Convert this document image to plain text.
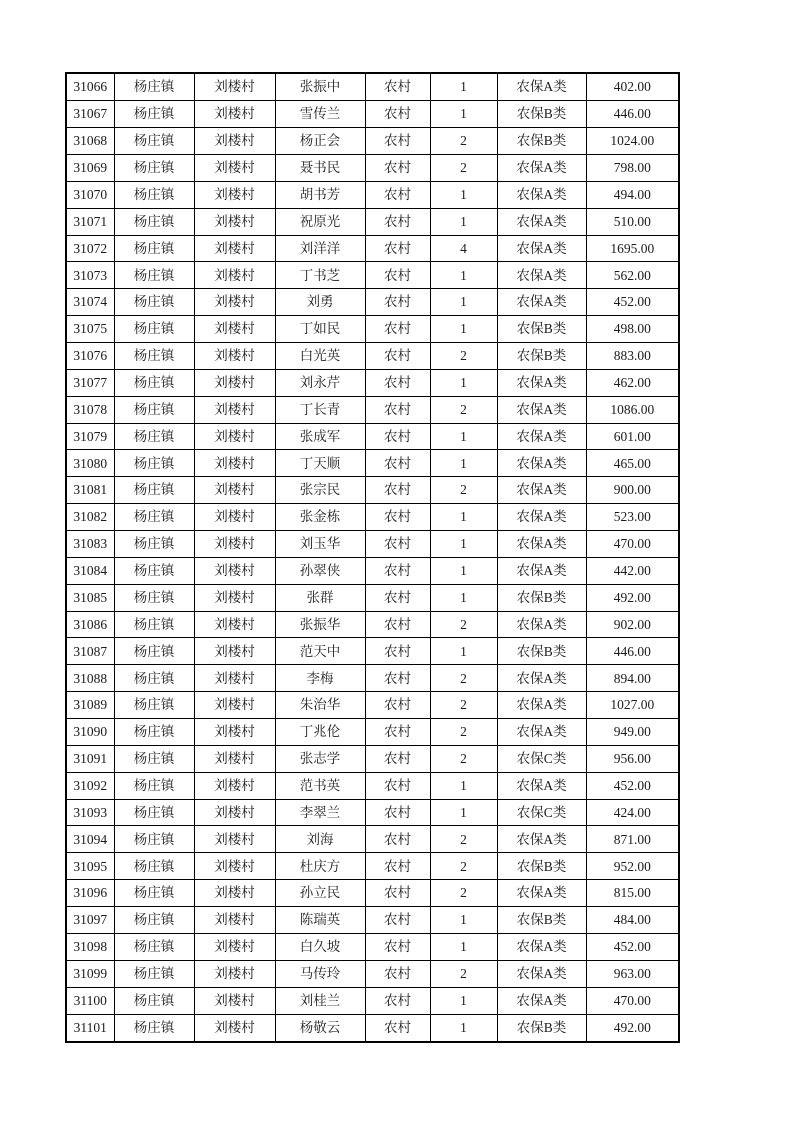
31066	杨庄镇	刘楼村	张振中	农村	1	农保A类	402.00
31067	杨庄镇	刘楼村	雪传兰	农村	1	农保B类	446.00
31068	杨庄镇	刘楼村	杨正会	农村	2	农保B类	1024.00
31069	杨庄镇	刘楼村	聂书民	农村	2	农保A类	798.00
31070	杨庄镇	刘楼村	胡书芳	农村	1	农保A类	494.00
31071	杨庄镇	刘楼村	祝原光	农村	1	农保A类	510.00
31072	杨庄镇	刘楼村	刘洋洋	农村	4	农保A类	1695.00
31073	杨庄镇	刘楼村	丁书芝	农村	1	农保A类	562.00
31074	杨庄镇	刘楼村	刘勇	农村	1	农保A类	452.00
31075	杨庄镇	刘楼村	丁如民	农村	1	农保B类	498.00
31076	杨庄镇	刘楼村	白光英	农村	2	农保B类	883.00
31077	杨庄镇	刘楼村	刘永芹	农村	1	农保A类	462.00
31078	杨庄镇	刘楼村	丁长青	农村	2	农保A类	1086.00
31079	杨庄镇	刘楼村	张成军	农村	1	农保A类	601.00
31080	杨庄镇	刘楼村	丁天顺	农村	1	农保A类	465.00
31081	杨庄镇	刘楼村	张宗民	农村	2	农保A类	900.00
31082	杨庄镇	刘楼村	张金栋	农村	1	农保A类	523.00
31083	杨庄镇	刘楼村	刘玉华	农村	1	农保A类	470.00
31084	杨庄镇	刘楼村	孙翠侠	农村	1	农保A类	442.00
31085	杨庄镇	刘楼村	张群	农村	1	农保B类	492.00
31086	杨庄镇	刘楼村	张振华	农村	2	农保A类	902.00
31087	杨庄镇	刘楼村	范天中	农村	1	农保B类	446.00
31088	杨庄镇	刘楼村	李梅	农村	2	农保A类	894.00
31089	杨庄镇	刘楼村	朱治华	农村	2	农保A类	1027.00
31090	杨庄镇	刘楼村	丁兆伦	农村	2	农保A类	949.00
31091	杨庄镇	刘楼村	张志学	农村	2	农保C类	956.00
31092	杨庄镇	刘楼村	范书英	农村	1	农保A类	452.00
31093	杨庄镇	刘楼村	李翠兰	农村	1	农保C类	424.00
31094	杨庄镇	刘楼村	刘海	农村	2	农保A类	871.00
31095	杨庄镇	刘楼村	杜庆方	农村	2	农保B类	952.00
31096	杨庄镇	刘楼村	孙立民	农村	2	农保A类	815.00
31097	杨庄镇	刘楼村	陈瑞英	农村	1	农保B类	484.00
31098	杨庄镇	刘楼村	白久坡	农村	1	农保A类	452.00
31099	杨庄镇	刘楼村	马传玲	农村	2	农保A类	963.00
31100	杨庄镇	刘楼村	刘桂兰	农村	1	农保A类	470.00
31101	杨庄镇	刘楼村	杨敬云	农村	1	农保B类	492.00
